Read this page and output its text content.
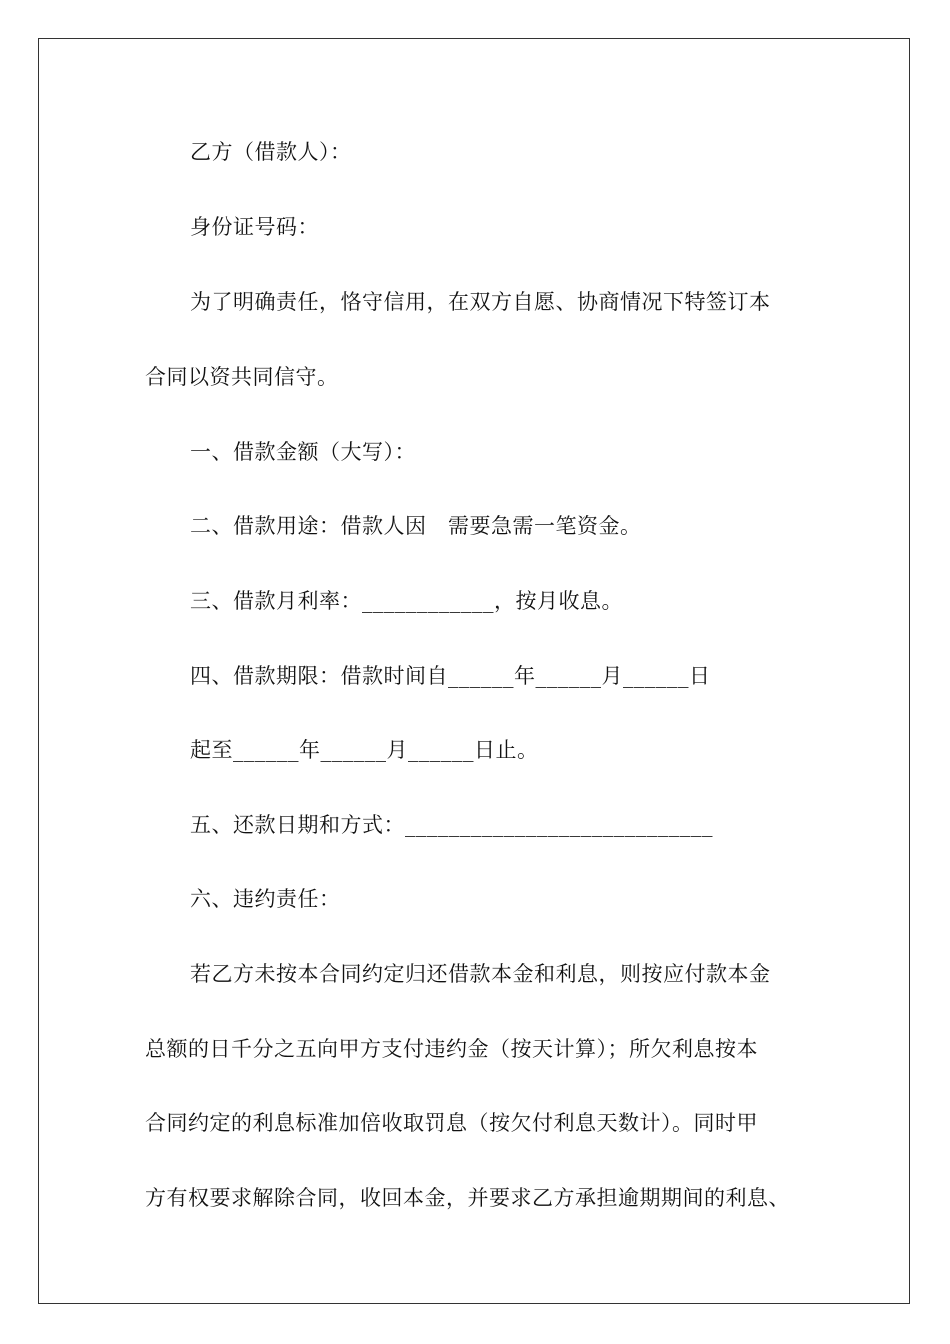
乙方（借款人）：
身份证号码：
为了明确责任，恪守信用，在双方自愿、协商情况下特签订本
合同以资共同信守。
一、借款金额（大写）：
二、借款用途：借款人因　需要急需一笔资金。
三、借款月利率：____________，按月收息。
四、借款期限：借款时间自______年______月______日
起至______年______月______日止。
五、还款日期和方式：____________________________
六、违约责任：
若乙方未按本合同约定归还借款本金和利息，则按应付款本金
总额的日千分之五向甲方支付违约金（按天计算）；所欠利息按本
合同约定的利息标准加倍收取罚息（按欠付利息天数计）。同时甲
方有权要求解除合同，收回本金，并要求乙方承担逾期期间的利息、
